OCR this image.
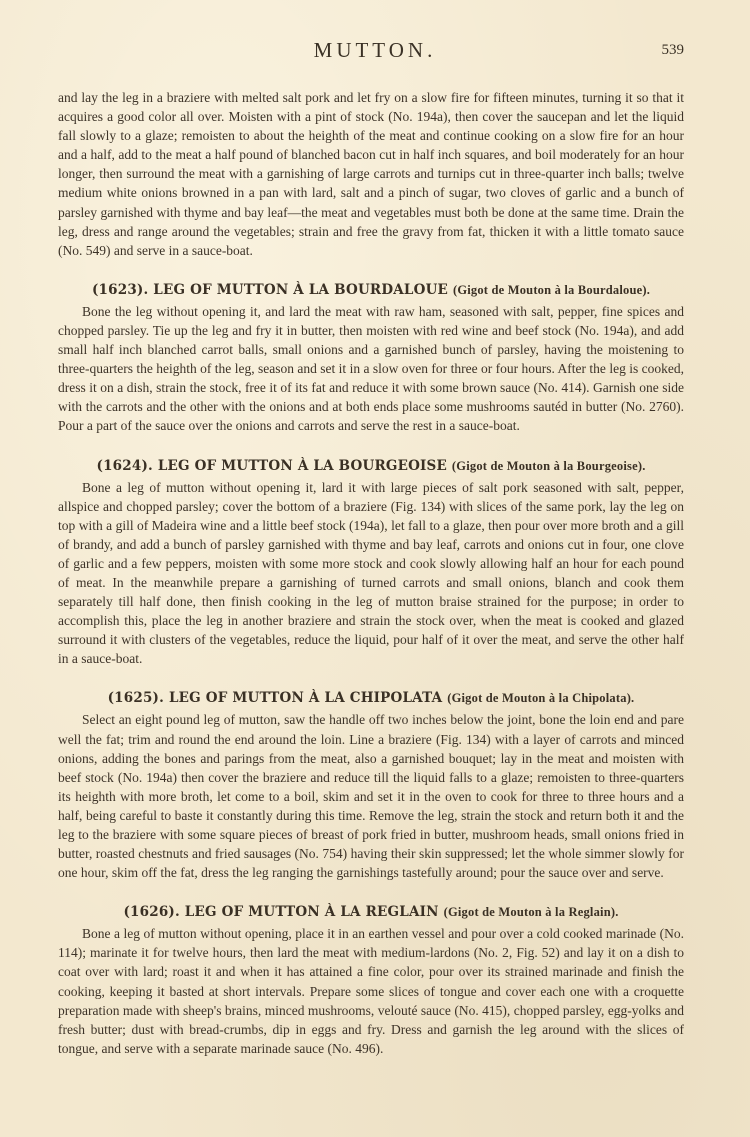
MUTTON.	539

and lay the leg in a braziere with melted salt pork and let fry on a slow fire for fifteen minutes, turning it so that it acquires a good color all over. Moisten with a pint of stock (No. 194a), then cover the saucepan and let the liquid fall slowly to a glaze; remoisten to about the heighth of the meat and continue cooking on a slow fire for an hour and a half, add to the meat a half pound of blanched bacon cut in half inch squares, and boil moderately for an hour longer, then surround the meat with a garnishing of large carrots and turnips cut in three-quarter inch balls; twelve medium white onions browned in a pan with lard, salt and a pinch of sugar, two cloves of garlic and a bunch of parsley garnished with thyme and bay leaf—the meat and vegetables must both be done at the same time. Drain the leg, dress and range around the vegetables; strain and free the gravy from fat, thicken it with a little tomato sauce (No. 549) and serve in a sauce-boat.

(1623). LEG OF MUTTON À LA BOURDALOUE (Gigot de Mouton à la Bourdaloue).

Bone the leg without opening it, and lard the meat with raw ham, seasoned with salt, pepper, fine spices and chopped parsley. Tie up the leg and fry it in butter, then moisten with red wine and beef stock (No. 194a), and add small half inch blanched carrot balls, small onions and a garnished bunch of parsley, having the moistening to three-quarters the heighth of the leg, season and set it in a slow oven for three or four hours. After the leg is cooked, dress it on a dish, strain the stock, free it of its fat and reduce it with some brown sauce (No. 414). Garnish one side with the carrots and the other with the onions and at both ends place some mushrooms sautéd in butter (No. 2760). Pour a part of the sauce over the onions and carrots and serve the rest in a sauce-boat.

(1624). LEG OF MUTTON À LA BOURGEOISE (Gigot de Mouton à la Bourgeoise).

Bone a leg of mutton without opening it, lard it with large pieces of salt pork seasoned with salt, pepper, allspice and chopped parsley; cover the bottom of a braziere (Fig. 134) with slices of the same pork, lay the leg on top with a gill of Madeira wine and a little beef stock (194a), let fall to a glaze, then pour over more broth and a gill of brandy, and add a bunch of parsley garnished with thyme and bay leaf, carrots and onions cut in four, one clove of garlic and a few peppers, moisten with some more stock and cook slowly allowing half an hour for each pound of meat. In the meanwhile prepare a garnishing of turned carrots and small onions, blanch and cook them separately till half done, then finish cooking in the leg of mutton braise strained for the purpose; in order to accomplish this, place the leg in another braziere and strain the stock over, when the meat is cooked and glazed surround it with clusters of the vegetables, reduce the liquid, pour half of it over the meat, and serve the other half in a sauce-boat.

(1625). LEG OF MUTTON À LA CHIPOLATA (Gigot de Mouton à la Chipolata).

Select an eight pound leg of mutton, saw the handle off two inches below the joint, bone the loin end and pare well the fat; trim and round the end around the loin. Line a braziere (Fig. 134) with a layer of carrots and minced onions, adding the bones and parings from the meat, also a garnished bouquet; lay in the meat and moisten with beef stock (No. 194a) then cover the braziere and reduce till the liquid falls to a glaze; remoisten to three-quarters its heighth with more broth, let come to a boil, skim and set it in the oven to cook for three to three hours and a half, being careful to baste it constantly during this time. Remove the leg, strain the stock and return both it and the leg to the braziere with some square pieces of breast of pork fried in butter, mushroom heads, small onions fried in butter, roasted chestnuts and fried sausages (No. 754) having their skin suppressed; let the whole simmer slowly for one hour, skim off the fat, dress the leg ranging the garnishings tastefully around; pour the sauce over and serve.

(1626). LEG OF MUTTON À LA REGLAIN (Gigot de Mouton à la Reglain).

Bone a leg of mutton without opening, place it in an earthen vessel and pour over a cold cooked marinade (No. 114); marinate it for twelve hours, then lard the meat with medium-lardons (No. 2, Fig. 52) and lay it on a dish to coat over with lard; roast it and when it has attained a fine color, pour over its strained marinade and finish the cooking, keeping it basted at short intervals. Prepare some slices of tongue and cover each one with a croquette preparation made with sheep's brains, minced mushrooms, velouté sauce (No. 415), chopped parsley, egg-yolks and fresh butter; dust with bread-crumbs, dip in eggs and fry. Dress and garnish the leg around with the slices of tongue, and serve with a separate marinade sauce (No. 496).
